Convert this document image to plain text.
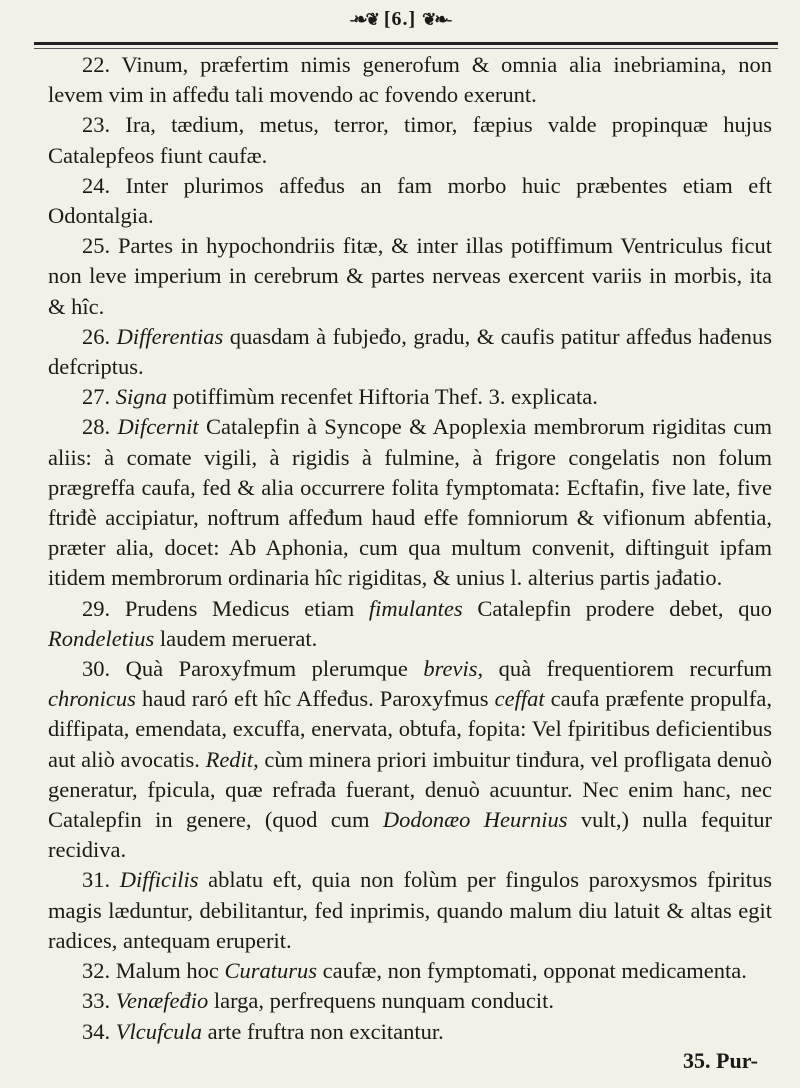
-❧❦ [6.] ❦❧-

22. Vinum, præfertim nimis generofum & omnia alia inebriamina, non levem vim in affeđu tali movendo ac fovendo exerunt.

23. Ira, tædium, metus, terror, timor, fæpius valde propinquæ hujus Catalepfeos fiunt caufæ.

24. Inter plurimos affeđus an fam morbo huic præbentes etiam eft Odontalgia.

25. Partes in hypochondriis fitæ, & inter illas potiffimum Ventriculus ficut non leve imperium in cerebrum & partes nerveas exercent variis in morbis, ita & hîc.

26. Differentias quasdam à fubjeđo, gradu, & caufis patitur affeđus hađenus defcriptus.

27. Signa potiffimùm recenfet Hiftoria Thef. 3. explicata.

28. Difcernit Catalepfin à Syncope & Apoplexia membrorum rigiditas cum aliis: à comate vigili, à rigidis à fulmine, à frigore congelatis non folum prægreffa caufa, fed & alia occurrere folita fymptomata: Ecftafin, five late, five ftriđè accipiatur, noftrum affeđum haud effe fomniorum & vifionum abfentia, præter alia, docet: Ab Aphonia, cum qua multum convenit, diftinguit ipfam itidem membrorum ordinaria hîc rigiditas, & unius l. alterius partis jađatio.

29. Prudens Medicus etiam fimulantes Catalepfin prodere debet, quo Rondeletius laudem meruerat.

30. Quà Paroxyfmum plerumque brevis, quà frequentiorem recurfum chronicus haud raró eft hîc Affeđus. Paroxyfmus ceffat caufa præfente propulfa, diffipata, emendata, excuffa, enervata, obtufa, fopita: Vel fpiritibus deficientibus aut aliò avocatis. Redit, cùm minera priori imbuitur tinđura, vel profligata denuò generatur, fpicula, quæ refrađa fuerant, denuò acuuntur. Nec enim hanc, nec Catalepfin in genere, (quod cum Dodonæo Heurnius vult,) nulla fequitur recidiva.

31. Difficilis ablatu eft, quia non folùm per fingulos paroxysmos fpiritus magis læduntur, debilitantur, fed inprimis, quando malum diu latuit & altas egit radices, antequam eruperit.

32. Malum hoc Curaturus caufæ, non fymptomati, opponat medicamenta.

33. Venæfeđio larga, perfrequens nunquam conducit.

34. Vlcufcula arte fruftra non excitantur.

35. Pur-
